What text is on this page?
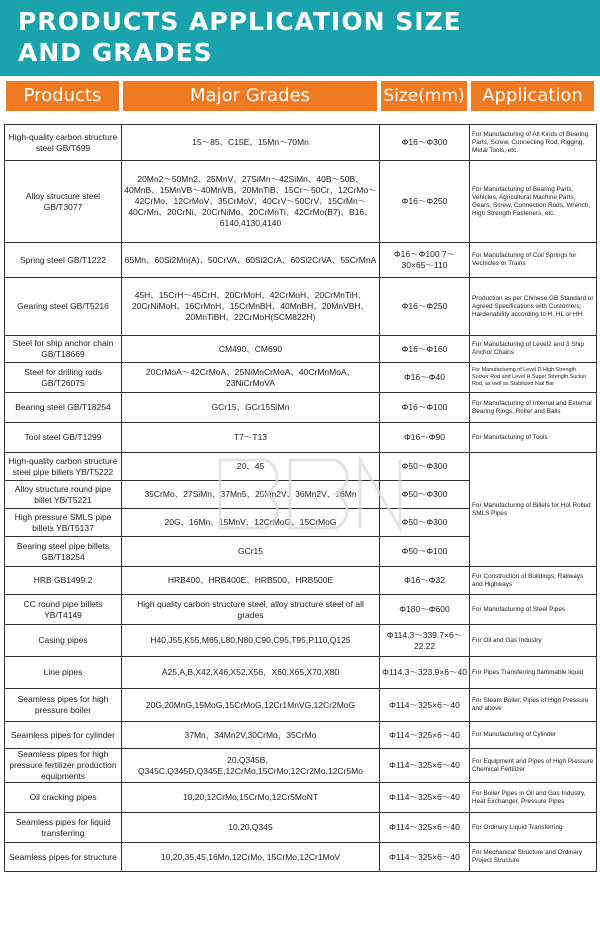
PRODUCTS APPLICATION SIZE
AND GRADES
Products	Major Grades	Size(mm) Application
High-quality carbon structure steel GB/T699	15～85、C15E、15Mn～70Mn	Φ16～Φ300	For Manufacturing of All Kinds of Bearing Parts, Screw, Connecting Rod, Rigging, Metal Tools, etc.
Alloy structure steel GB/T3077	20Mn2～50Mn2、25MnV、27SiMn～42SiMn、40B～50B、40MnB、15MnVB～40MnVB、20MnTiB、15Cr～50Cr、12CrMo～42CrMo、12CrMoV、35CrMoV、40CrV～50CrV、15CrMn～40CrMn、20CrNi、20CrNiMo、20CrMnTi、42CrMo(B7)、B16、6140,4130,4140	Φ16～Φ250	For Manufacturing of Bearing Parts, Vehicles, Agricultural Machine Parts, Gears, Screw, Connection Rods, Wrench, High Strength Fasteners, etc.
Spring steel GB/T1222	65Mn、60Si2Mn(A)、50CrVA、60Si2CrA、60Si2CrVA、55CrMnA	Φ16～Φ100 7～30×65～110	For Manufacturing of Coil Springs for Vechicles or Trains
Gearing steel GB/T5216	45H、15CrH～45CrH、20CrMoH、42CrMoH、20CrMnTiH、20CrNiMoH、16CrMnH、15CrMnBH、40MnBH、20MnVBH、20MnTiBH、22CrMoH(SCM822H)	Φ16～Φ250	Production as per Chinese GB Standard or Agreed Specifications with Customers; Hardenability according to H, HL or HH
Steel for ship anchor chain GB/T18669	CM490、CM690	Φ16～Φ160	For Manufacturing of Level2 and 3 Ship Anchor Chains
Steel for drilling rods GB/T26075	20CrMoA～42CrMoA、25NiMnCrMoA、40CrMnMoA、23NiCrMoVA	Φ16～Φ40	For Manufacturing of Level D High Strength Sucker Rod and Level H Super Strength Sucker Rod, as well as Stabilized Nail Bar
Bearing steel GB/T18254	GCr15、GCr15SiMn	Φ16～Φ100	For Manufacturing of Internal and External Bearing Rings, Roller and Balls
Tool steel GB/T1299	T7～T13	Φ16～Φ90	For Manufacturing of Tools
High-quality carbon structure steel pipe billets YB/T5222	20、45	Φ50～Φ300	For Manufacturing of Billets for Hot Rolled SMLS Pipes
Alloy structure round pipe billet YB/T5221	35CrMo、27SiMn、37Mn5、25Mn2V、36Mn2V、16Mn	Φ50～Φ300	
High pressure SMLS pipe billets YB/T5137	20G、16Mn、15MnV、12CrMoG、15CrMoG	Φ50～Φ300	
Bearing steel pipe billets GB/T18254	GCr15	Φ50～Φ100	
HRB GB1499.2	HRB400、HRB400E、HRB500、HRB500E	Φ16～Φ32	For Construction of Buildings, Railways and Highways
CC round pipe billets YB/T4149	High quality carbon structure steel, alloy structure steel of all grades	Φ180～Φ600	For Manufacturing of Steel Pipes
Casing pipes	H40,J55,K55,M65,L80,N80,C90,C95,T95,P110,Q125	Φ114.3～339.7×6～22.22	For Oil and Gas Industry
Line pipes	A25,A,B,X42,X46,X52,X56，X60,X65,X70,X80	Φ114.3～323.9×6～40	For Pipes Transferring flammable liquid
Seamless pipes for high pressure boiler	20G,20MnG,15MoG,15CrMoG,12Cr1MnVG,12Cr2MoG	Φ114～325×6～40	For Steam Boiler, Pipes of High Pressure and above
Seamless pipes for cylinder	37Mn，34Mn2V,30CrMo，35CrMo	Φ114～325×6～40	For Manufacturing of Cylinder
Seamless pipes for high pressure fertilizer production equipments	20,Q345B，Q345C,Q345D,Q345E,12CrMo,15CrMo,12Cr2Mo,12Cr5Mo	Φ114～325×6～40	For Equipment and Pipes of High Pressure Chemical Fertilizer
Oil cracking pipes	10,20,12CrMo,15CrMo,12Cr5MoNT	Φ114～325×6～40	For Boiler Pipes in Oil and Gas Industry, Heat Exchanger, Pressure Pipes
Seamless pipes for liquid transferring	10,20,Q345	Φ114～325×6～40	For Ordinary Liquid Transferring
Seamless pipes for structure	10,20,35,45,16Mn,12CrMo, 15CrMo,12Cr1MoV	Φ114～325×6～40	For Mechanical Structure and Ordinary Project Structure
